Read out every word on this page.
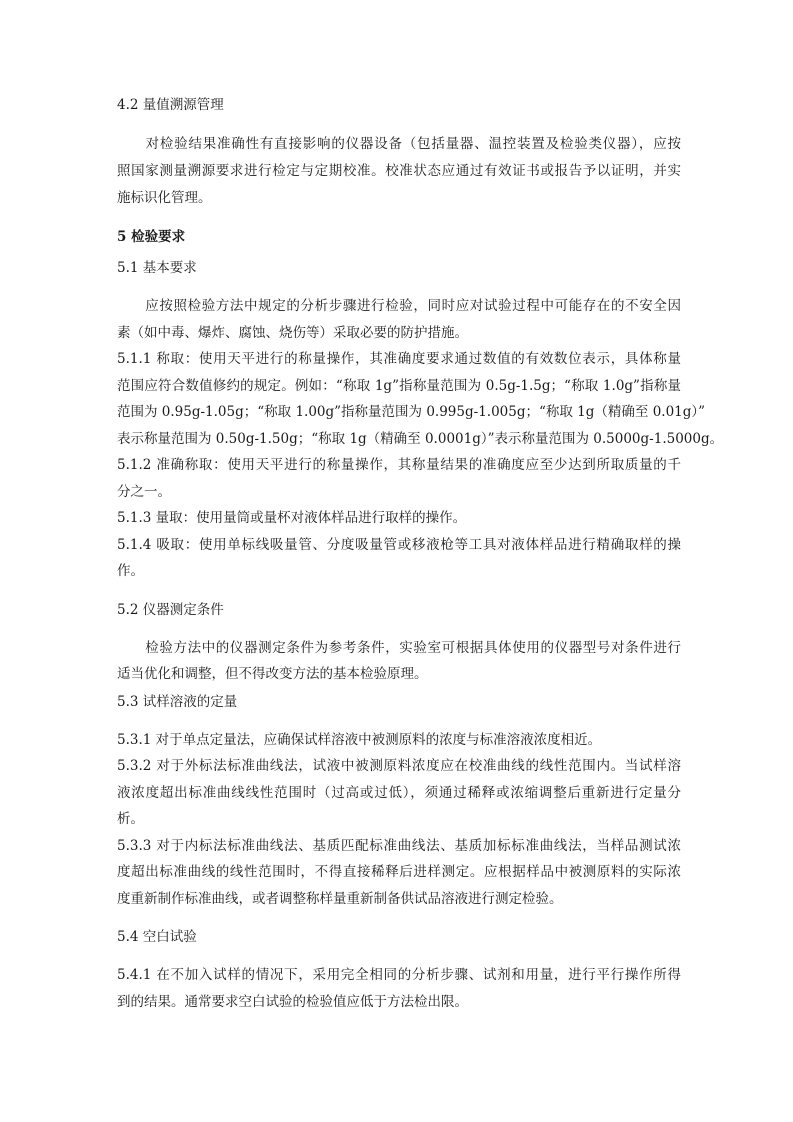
4.2 量值溯源管理
　　对检验结果准确性有直接影响的仪器设备（包括量器、温控装置及检验类仪器），应按
照国家测量溯源要求进行检定与定期校准。校准状态应通过有效证书或报告予以证明，并实
施标识化管理。
5 检验要求
5.1 基本要求
　　应按照检验方法中规定的分析步骤进行检验，同时应对试验过程中可能存在的不安全因
素（如中毒、爆炸、腐蚀、烧伤等）采取必要的防护措施。
5.1.1 称取：使用天平进行的称量操作，其准确度要求通过数值的有效数位表示，具体称量
范围应符合数值修约的规定。例如：“称取 1g”指称量范围为 0.5g-1.5g；“称取 1.0g”指称量
范围为 0.95g-1.05g；“称取 1.00g”指称量范围为 0.995g-1.005g；“称取 1g（精确至 0.01g）”
表示称量范围为 0.50g-1.50g；“称取 1g（精确至 0.0001g）”表示称量范围为 0.5000g-1.5000g。
5.1.2 准确称取：使用天平进行的称量操作，其称量结果的准确度应至少达到所取质量的千
分之一。
5.1.3 量取：使用量筒或量杯对液体样品进行取样的操作。
5.1.4 吸取：使用单标线吸量管、分度吸量管或移液枪等工具对液体样品进行精确取样的操
作。
5.2 仪器测定条件
　　检验方法中的仪器测定条件为参考条件，实验室可根据具体使用的仪器型号对条件进行
适当优化和调整，但不得改变方法的基本检验原理。
5.3 试样溶液的定量
5.3.1 对于单点定量法，应确保试样溶液中被测原料的浓度与标准溶液浓度相近。
5.3.2 对于外标法标准曲线法，试液中被测原料浓度应在校准曲线的线性范围内。当试样溶
液浓度超出标准曲线线性范围时（过高或过低），须通过稀释或浓缩调整后重新进行定量分
析。
5.3.3 对于内标法标准曲线法、基质匹配标准曲线法、基质加标标准曲线法，当样品测试浓
度超出标准曲线的线性范围时，不得直接稀释后进样测定。应根据样品中被测原料的实际浓
度重新制作标准曲线，或者调整称样量重新制备供试品溶液进行测定检验。
5.4 空白试验
5.4.1 在不加入试样的情况下，采用完全相同的分析步骤、试剂和用量，进行平行操作所得
到的结果。通常要求空白试验的检验值应低于方法检出限。
